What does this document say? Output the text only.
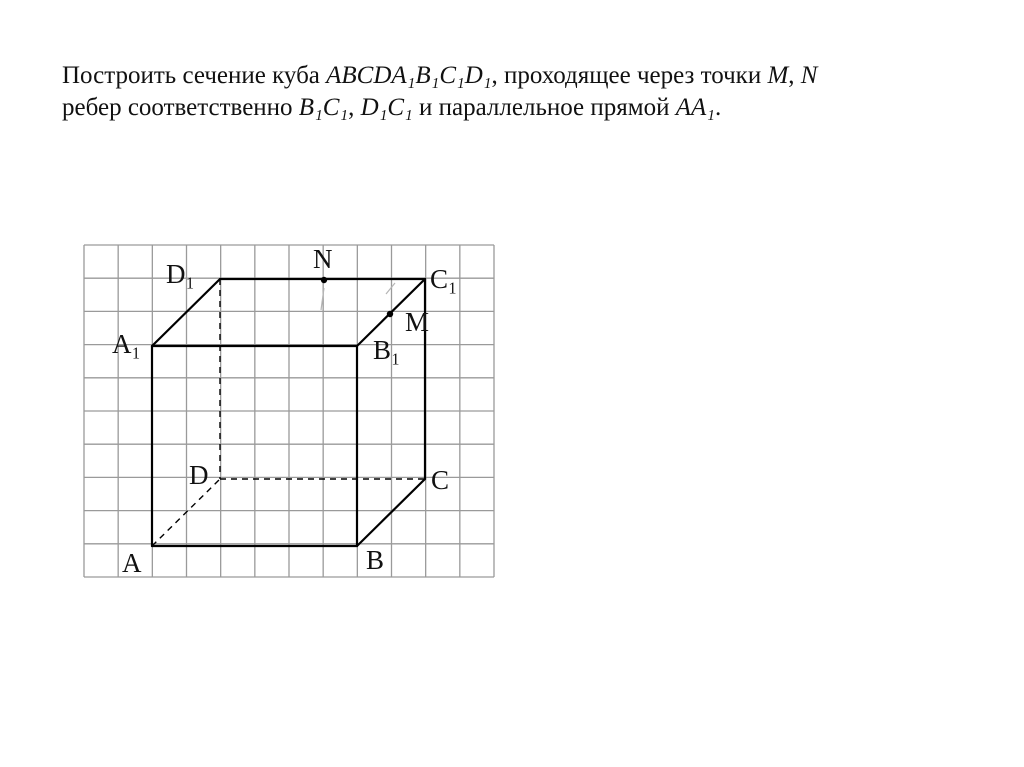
Построить сечение куба ABCDA₁B₁C₁D₁, проходящее через точки M, N
ребер соответственно B₁C₁, D₁C₁ и параллельное прямой AA₁.
A	B
C
D
A₁	B₁
C₁
D₁
M
N
